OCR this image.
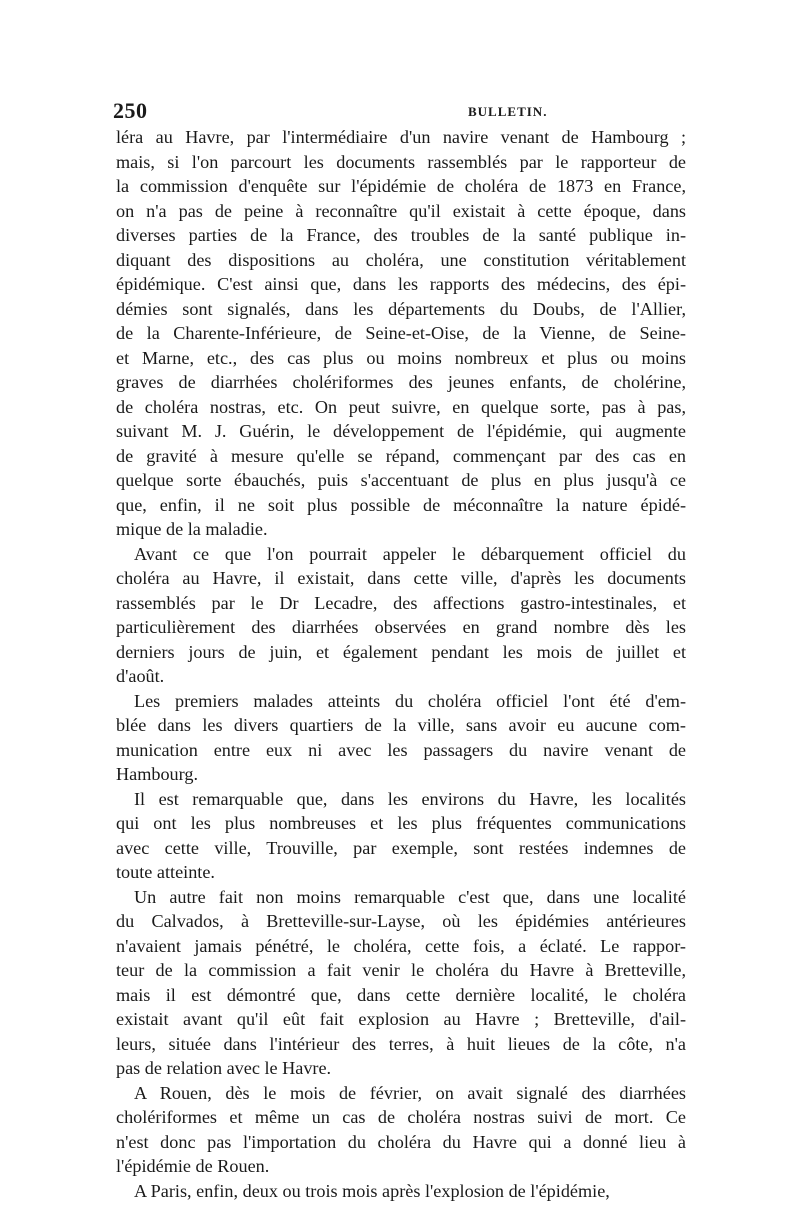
250	BULLETIN.
léra au Havre, par l'intermédiaire d'un navire venant de Hambourg ;
mais, si l'on parcourt les documents rassemblés par le rapporteur de
la commission d'enquête sur l'épidémie de choléra de 1873 en France,
on n'a pas de peine à reconnaître qu'il existait à cette époque, dans
diverses parties de la France, des troubles de la santé publique in-
diquant des dispositions au choléra, une constitution véritablement
épidémique. C'est ainsi que, dans les rapports des médecins, des épi-
démies sont signalés, dans les départements du Doubs, de l'Allier,
de la Charente-Inférieure, de Seine-et-Oise, de la Vienne, de Seine-
et Marne, etc., des cas plus ou moins nombreux et plus ou moins
graves de diarrhées cholériformes des jeunes enfants, de cholérine,
de choléra nostras, etc. On peut suivre, en quelque sorte, pas à pas,
suivant M. J. Guérin, le développement de l'épidémie, qui augmente
de gravité à mesure qu'elle se répand, commençant par des cas en
quelque sorte ébauchés, puis s'accentuant de plus en plus jusqu'à ce
que, enfin, il ne soit plus possible de méconnaître la nature épidé-
mique de la maladie.
Avant ce que l'on pourrait appeler le débarquement officiel du
choléra au Havre, il existait, dans cette ville, d'après les documents
rassemblés par le Dr Lecadre, des affections gastro-intestinales, et
particulièrement des diarrhées observées en grand nombre dès les
derniers jours de juin, et également pendant les mois de juillet et
d'août.
Les premiers malades atteints du choléra officiel l'ont été d'em-
blée dans les divers quartiers de la ville, sans avoir eu aucune com-
munication entre eux ni avec les passagers du navire venant de
Hambourg.
Il est remarquable que, dans les environs du Havre, les localités
qui ont les plus nombreuses et les plus fréquentes communications
avec cette ville, Trouville, par exemple, sont restées indemnes de
toute atteinte.
Un autre fait non moins remarquable c'est que, dans une localité
du Calvados, à Bretteville-sur-Layse, où les épidémies antérieures
n'avaient jamais pénétré, le choléra, cette fois, a éclaté. Le rappor-
teur de la commission a fait venir le choléra du Havre à Bretteville,
mais il est démontré que, dans cette dernière localité, le choléra
existait avant qu'il eût fait explosion au Havre ; Bretteville, d'ail-
leurs, située dans l'intérieur des terres, à huit lieues de la côte, n'a
pas de relation avec le Havre.
A Rouen, dès le mois de février, on avait signalé des diarrhées
cholériformes et même un cas de choléra nostras suivi de mort. Ce
n'est donc pas l'importation du choléra du Havre qui a donné lieu à
l'épidémie de Rouen.
A Paris, enfin, deux ou trois mois après l'explosion de l'épidémie,
